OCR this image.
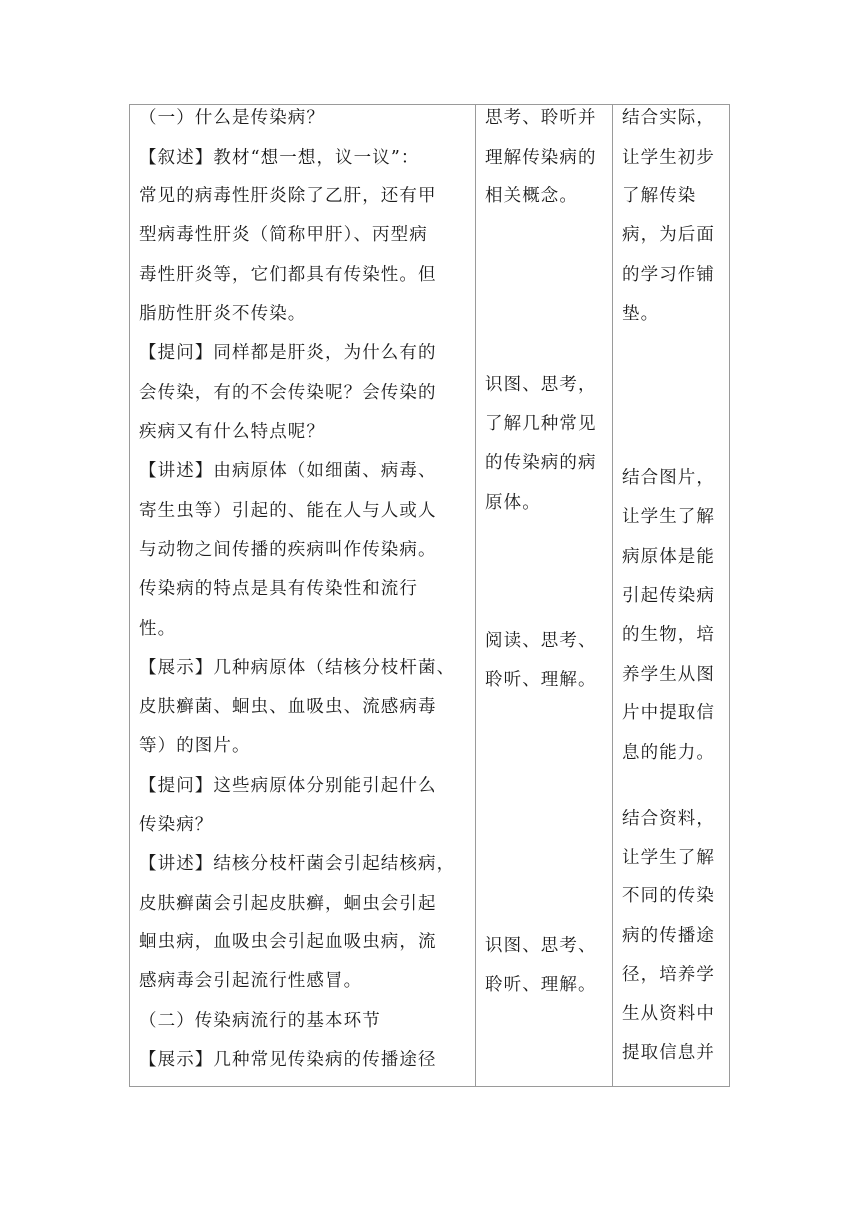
（一）什么是传染病？
【叙述】教材“想一想，议一议”：
常见的病毒性肝炎除了乙肝，还有甲
型病毒性肝炎（简称甲肝）、丙型病
毒性肝炎等，它们都具有传染性。但
脂肪性肝炎不传染。
【提问】同样都是肝炎，为什么有的
会传染，有的不会传染呢？会传染的
疾病又有什么特点呢？
【讲述】由病原体（如细菌、病毒、
寄生虫等）引起的、能在人与人或人
与动物之间传播的疾病叫作传染病。
传染病的特点是具有传染性和流行
性。
【展示】几种病原体（结核分枝杆菌、
皮肤癣菌、蛔虫、血吸虫、流感病毒
等）的图片。
【提问】这些病原体分别能引起什么
传染病？
【讲述】结核分枝杆菌会引起结核病，
皮肤癣菌会引起皮肤癣，蛔虫会引起
蛔虫病，血吸虫会引起血吸虫病，流
感病毒会引起流行性感冒。
（二）传染病流行的基本环节
【展示】几种常见传染病的传播途径
思考、聆听并
理解传染病的
相关概念。
识图、思考，
了解几种常见
的传染病的病
原体。
阅读、思考、
聆听、理解。
识图、思考、
聆听、理解。
结合实际，
让学生初步
了解传染
病，为后面
的学习作铺
垫。
结合图片，
让学生了解
病原体是能
引起传染病
的生物，培
养学生从图
片中提取信
息的能力。
结合资料，
让学生了解
不同的传染
病的传播途
径，培养学
生从资料中
提取信息并
